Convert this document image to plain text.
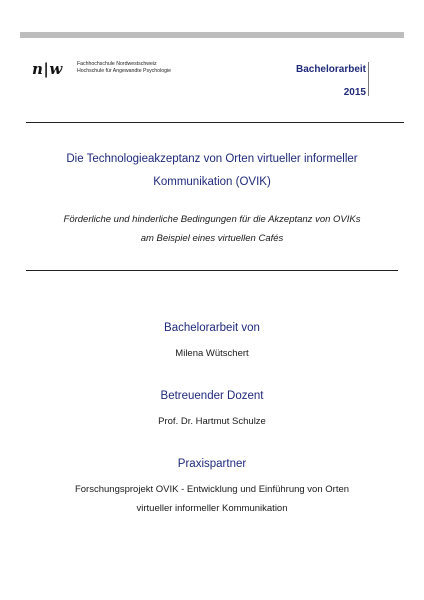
n|w	Fachhochschule Nordwestschweiz
Hochschule für Angewandte Psychologie	Bachelorarbeit
2015
Die Technologieakzeptanz von Orten virtueller informeller
Kommunikation (OVIK)
Förderliche und hinderliche Bedingungen für die Akzeptanz von OVIKs
am Beispiel eines virtuellen Cafés
Bachelorarbeit von
Milena Wütschert
Betreuender Dozent
Prof. Dr. Hartmut Schulze
Praxispartner
Forschungsprojekt OVIK - Entwicklung und Einführung von Orten
virtueller informeller Kommunikation
